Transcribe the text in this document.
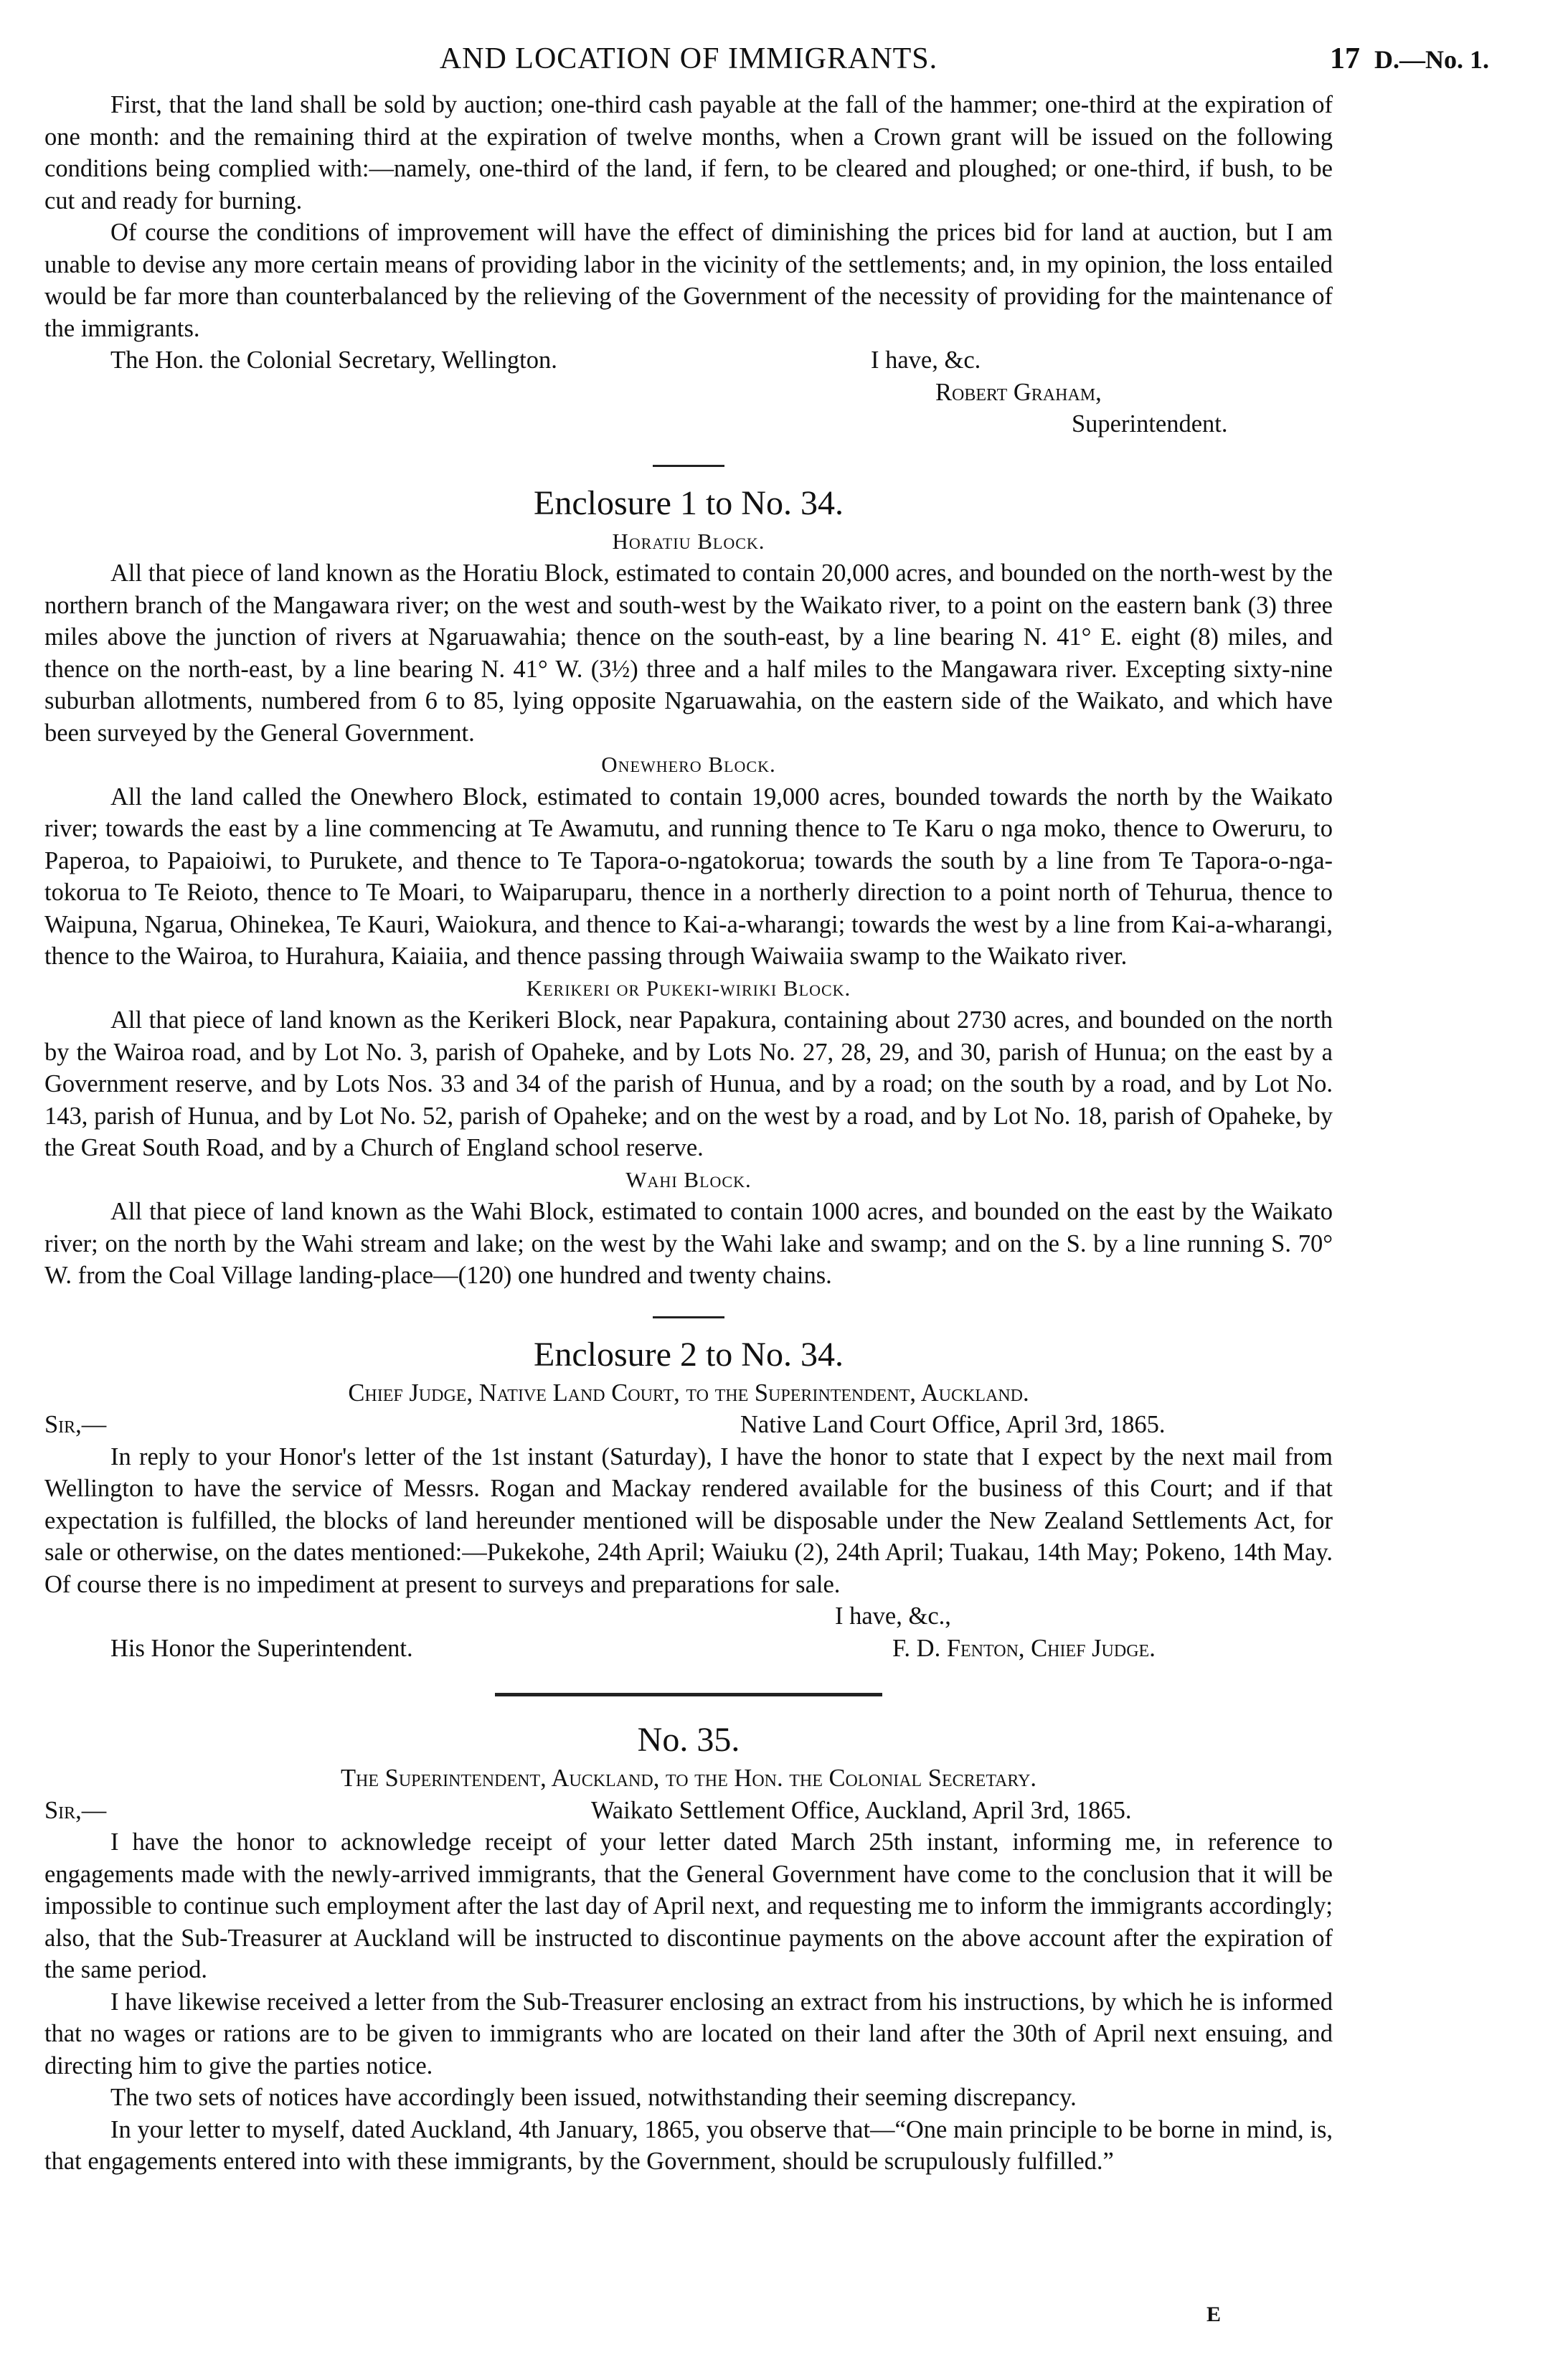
AND LOCATION OF IMMIGRANTS.	17 D.—No. 1.

First, that the land shall be sold by auction; one-third cash payable at the fall of the hammer; one-third at the expiration of one month: and the remaining third at the expiration of twelve months, when a Crown grant will be issued on the following conditions being complied with:—namely, one-third of the land, if fern, to be cleared and ploughed; or one-third, if bush, to be cut and ready for burning.

Of course the conditions of improvement will have the effect of diminishing the prices bid for land at auction, but I am unable to devise any more certain means of providing labor in the vicinity of the settlements; and, in my opinion, the loss entailed would be far more than counterbalanced by the relieving of the Government of the necessity of providing for the maintenance of the immigrants.

The Hon. the Colonial Secretary, Wellington.	I have, &c.
Robert Graham,
Superintendent.
Enclosure 1 to No. 34.
Horatiu Block.

All that piece of land known as the Horatiu Block, estimated to contain 20,000 acres, and bounded on the north-west by the northern branch of the Mangawara river; on the west and south-west by the Waikato river, to a point on the eastern bank (3) three miles above the junction of rivers at Ngaruawahia; thence on the south-east, by a line bearing N. 41° E. eight (8) miles, and thence on the north-east, by a line bearing N. 41° W. (3½) three and a half miles to the Mangawara river. Excepting sixty-nine suburban allotments, numbered from 6 to 85, lying opposite Ngaruawahia, on the eastern side of the Waikato, and which have been surveyed by the General Government.

Onewhero Block.

All the land called the Onewhero Block, estimated to contain 19,000 acres, bounded towards the north by the Waikato river; towards the east by a line commencing at Te Awamutu, and running thence to Te Karu o nga moko, thence to Oweruru, to Paperoa, to Papaioiwi, to Purukete, and thence to Te Tapora-o-ngatokorua; towards the south by a line from Te Tapora-o-nga-tokorua to Te Reioto, thence to Te Moari, to Waiparuparu, thence in a northerly direction to a point north of Tehurua, thence to Waipuna, Ngarua, Ohinekea, Te Kauri, Waiokura, and thence to Kai-a-wharangi; towards the west by a line from Kai-a-wharangi, thence to the Wairoa, to Hurahura, Kaiaiia, and thence passing through Waiwaiia swamp to the Waikato river.

Kerikeri or Pukeki-wiriki Block.

All that piece of land known as the Kerikeri Block, near Papakura, containing about 2730 acres, and bounded on the north by the Wairoa road, and by Lot No. 3, parish of Opaheke, and by Lots No. 27, 28, 29, and 30, parish of Hunua; on the east by a Government reserve, and by Lots Nos. 33 and 34 of the parish of Hunua, and by a road; on the south by a road, and by Lot No. 143, parish of Hunua, and by Lot No. 52, parish of Opaheke; and on the west by a road, and by Lot No. 18, parish of Opaheke, by the Great South Road, and by a Church of England school reserve.

Wahi Block.

All that piece of land known as the Wahi Block, estimated to contain 1000 acres, and bounded on the east by the Waikato river; on the north by the Wahi stream and lake; on the west by the Wahi lake and swamp; and on the S. by a line running S. 70° W. from the Coal Village landing-place—(120) one hundred and twenty chains.

Enclosure 2 to No. 34.

Chief Judge, Native Land Court, to the Superintendent, Auckland.

Sir,—	Native Land Court Office, April 3rd, 1865.

In reply to your Honor's letter of the 1st instant (Saturday), I have the honor to state that I expect by the next mail from Wellington to have the service of Messrs. Rogan and Mackay rendered available for the business of this Court; and if that expectation is fulfilled, the blocks of land hereunder mentioned will be disposable under the New Zealand Settlements Act, for sale or otherwise, on the dates mentioned:—Pukekohe, 24th April; Waiuku (2), 24th April; Tuakau, 14th May; Pokeno, 14th May. Of course there is no impediment at present to surveys and preparations for sale.

I have, &c.,
His Honor the Superintendent.	F. D. Fenton, Chief Judge.
No. 35.

The Superintendent, Auckland, to the Hon. the Colonial Secretary.

Sir,—	Waikato Settlement Office, Auckland, April 3rd, 1865.

I have the honor to acknowledge receipt of your letter dated March 25th instant, informing me, in reference to engagements made with the newly-arrived immigrants, that the General Government have come to the conclusion that it will be impossible to continue such employment after the last day of April next, and requesting me to inform the immigrants accordingly; also, that the Sub-Treasurer at Auckland will be instructed to discontinue payments on the above account after the expiration of the same period.

I have likewise received a letter from the Sub-Treasurer enclosing an extract from his instructions, by which he is informed that no wages or rations are to be given to immigrants who are located on their land after the 30th of April next ensuing, and directing him to give the parties notice.

The two sets of notices have accordingly been issued, notwithstanding their seeming discrepancy.

In your letter to myself, dated Auckland, 4th January, 1865, you observe that—“One main principle to be borne in mind, is, that engagements entered into with these immigrants, by the Government, should be scrupulously fulfilled.”

E
